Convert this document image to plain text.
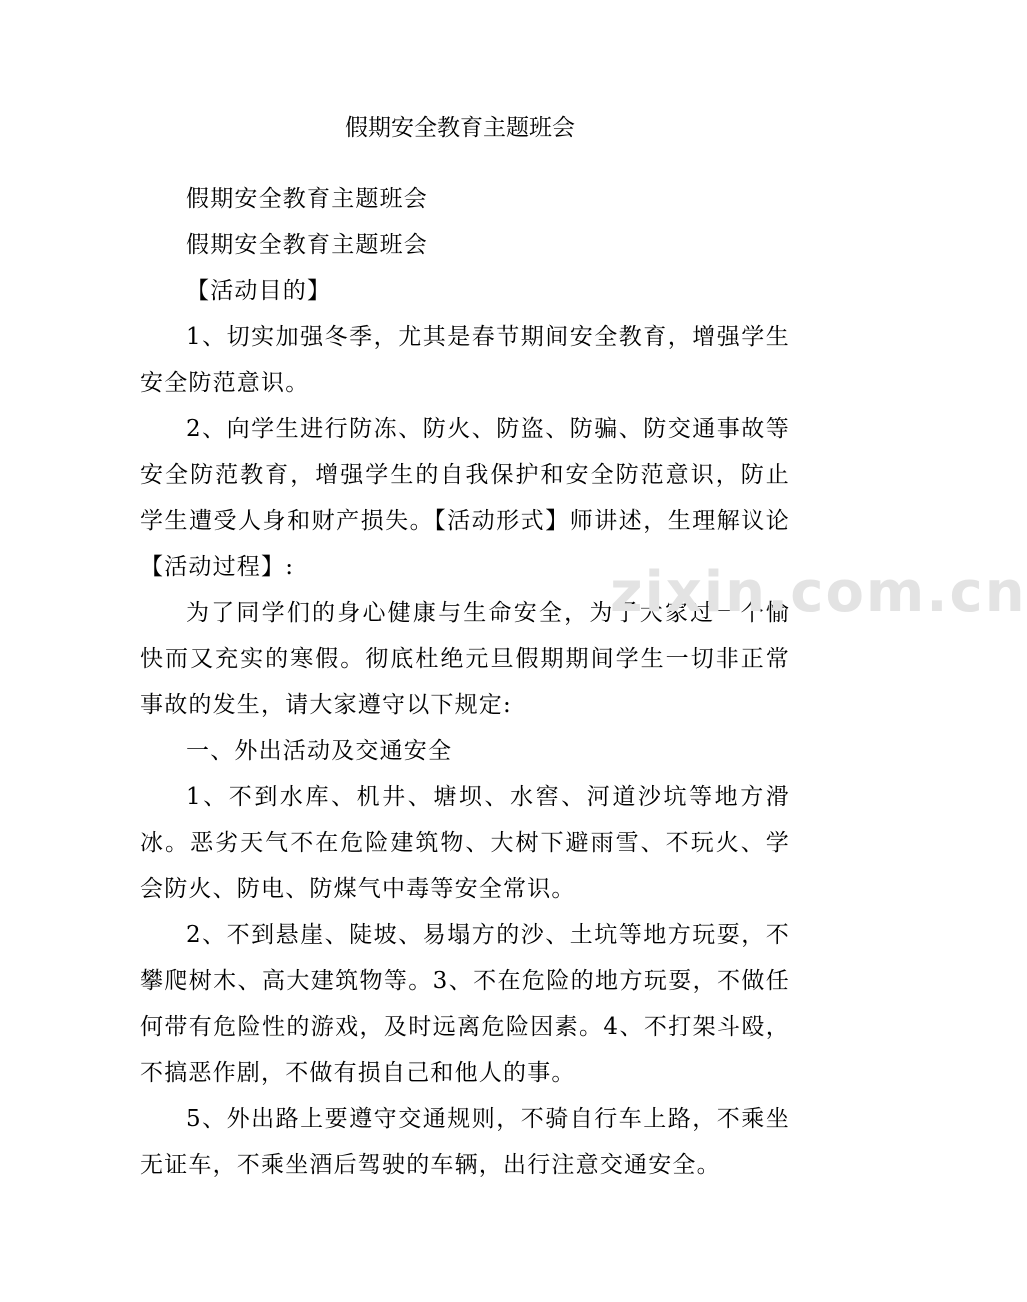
假期安全教育主题班会

假期安全教育主题班会

假期安全教育主题班会

【活动目的】

1、切实加强冬季，尤其是春节期间安全教育，增强学生安全防范意识。

2、向学生进行防冻、防火、防盗、防骗、防交通事故等安全防范教育，增强学生的自我保护和安全防范意识，防止学生遭受人身和财产损失。【活动形式】师讲述，生理解议论【活动过程】:

为了同学们的身心健康与生命安全，为了大家过一个愉快而又充实的寒假。彻底杜绝元旦假期期间学生一切非正常事故的发生，请大家遵守以下规定:

一、外出活动及交通安全

1、不到水库、机井、塘坝、水窖、河道沙坑等地方滑冰。恶劣天气不在危险建筑物、大树下避雨雪、不玩火、学会防火、防电、防煤气中毒等安全常识。

2、不到悬崖、陡坡、易塌方的沙、土坑等地方玩耍，不攀爬树木、高大建筑物等。3、不在危险的地方玩耍，不做任何带有危险性的游戏，及时远离危险因素。4、不打架斗殴，不搞恶作剧，不做有损自己和他人的事。

5、外出路上要遵守交通规则，不骑自行车上路，不乘坐无证车，不乘坐酒后驾驶的车辆，出行注意交通安全。

zixin.com.cn
